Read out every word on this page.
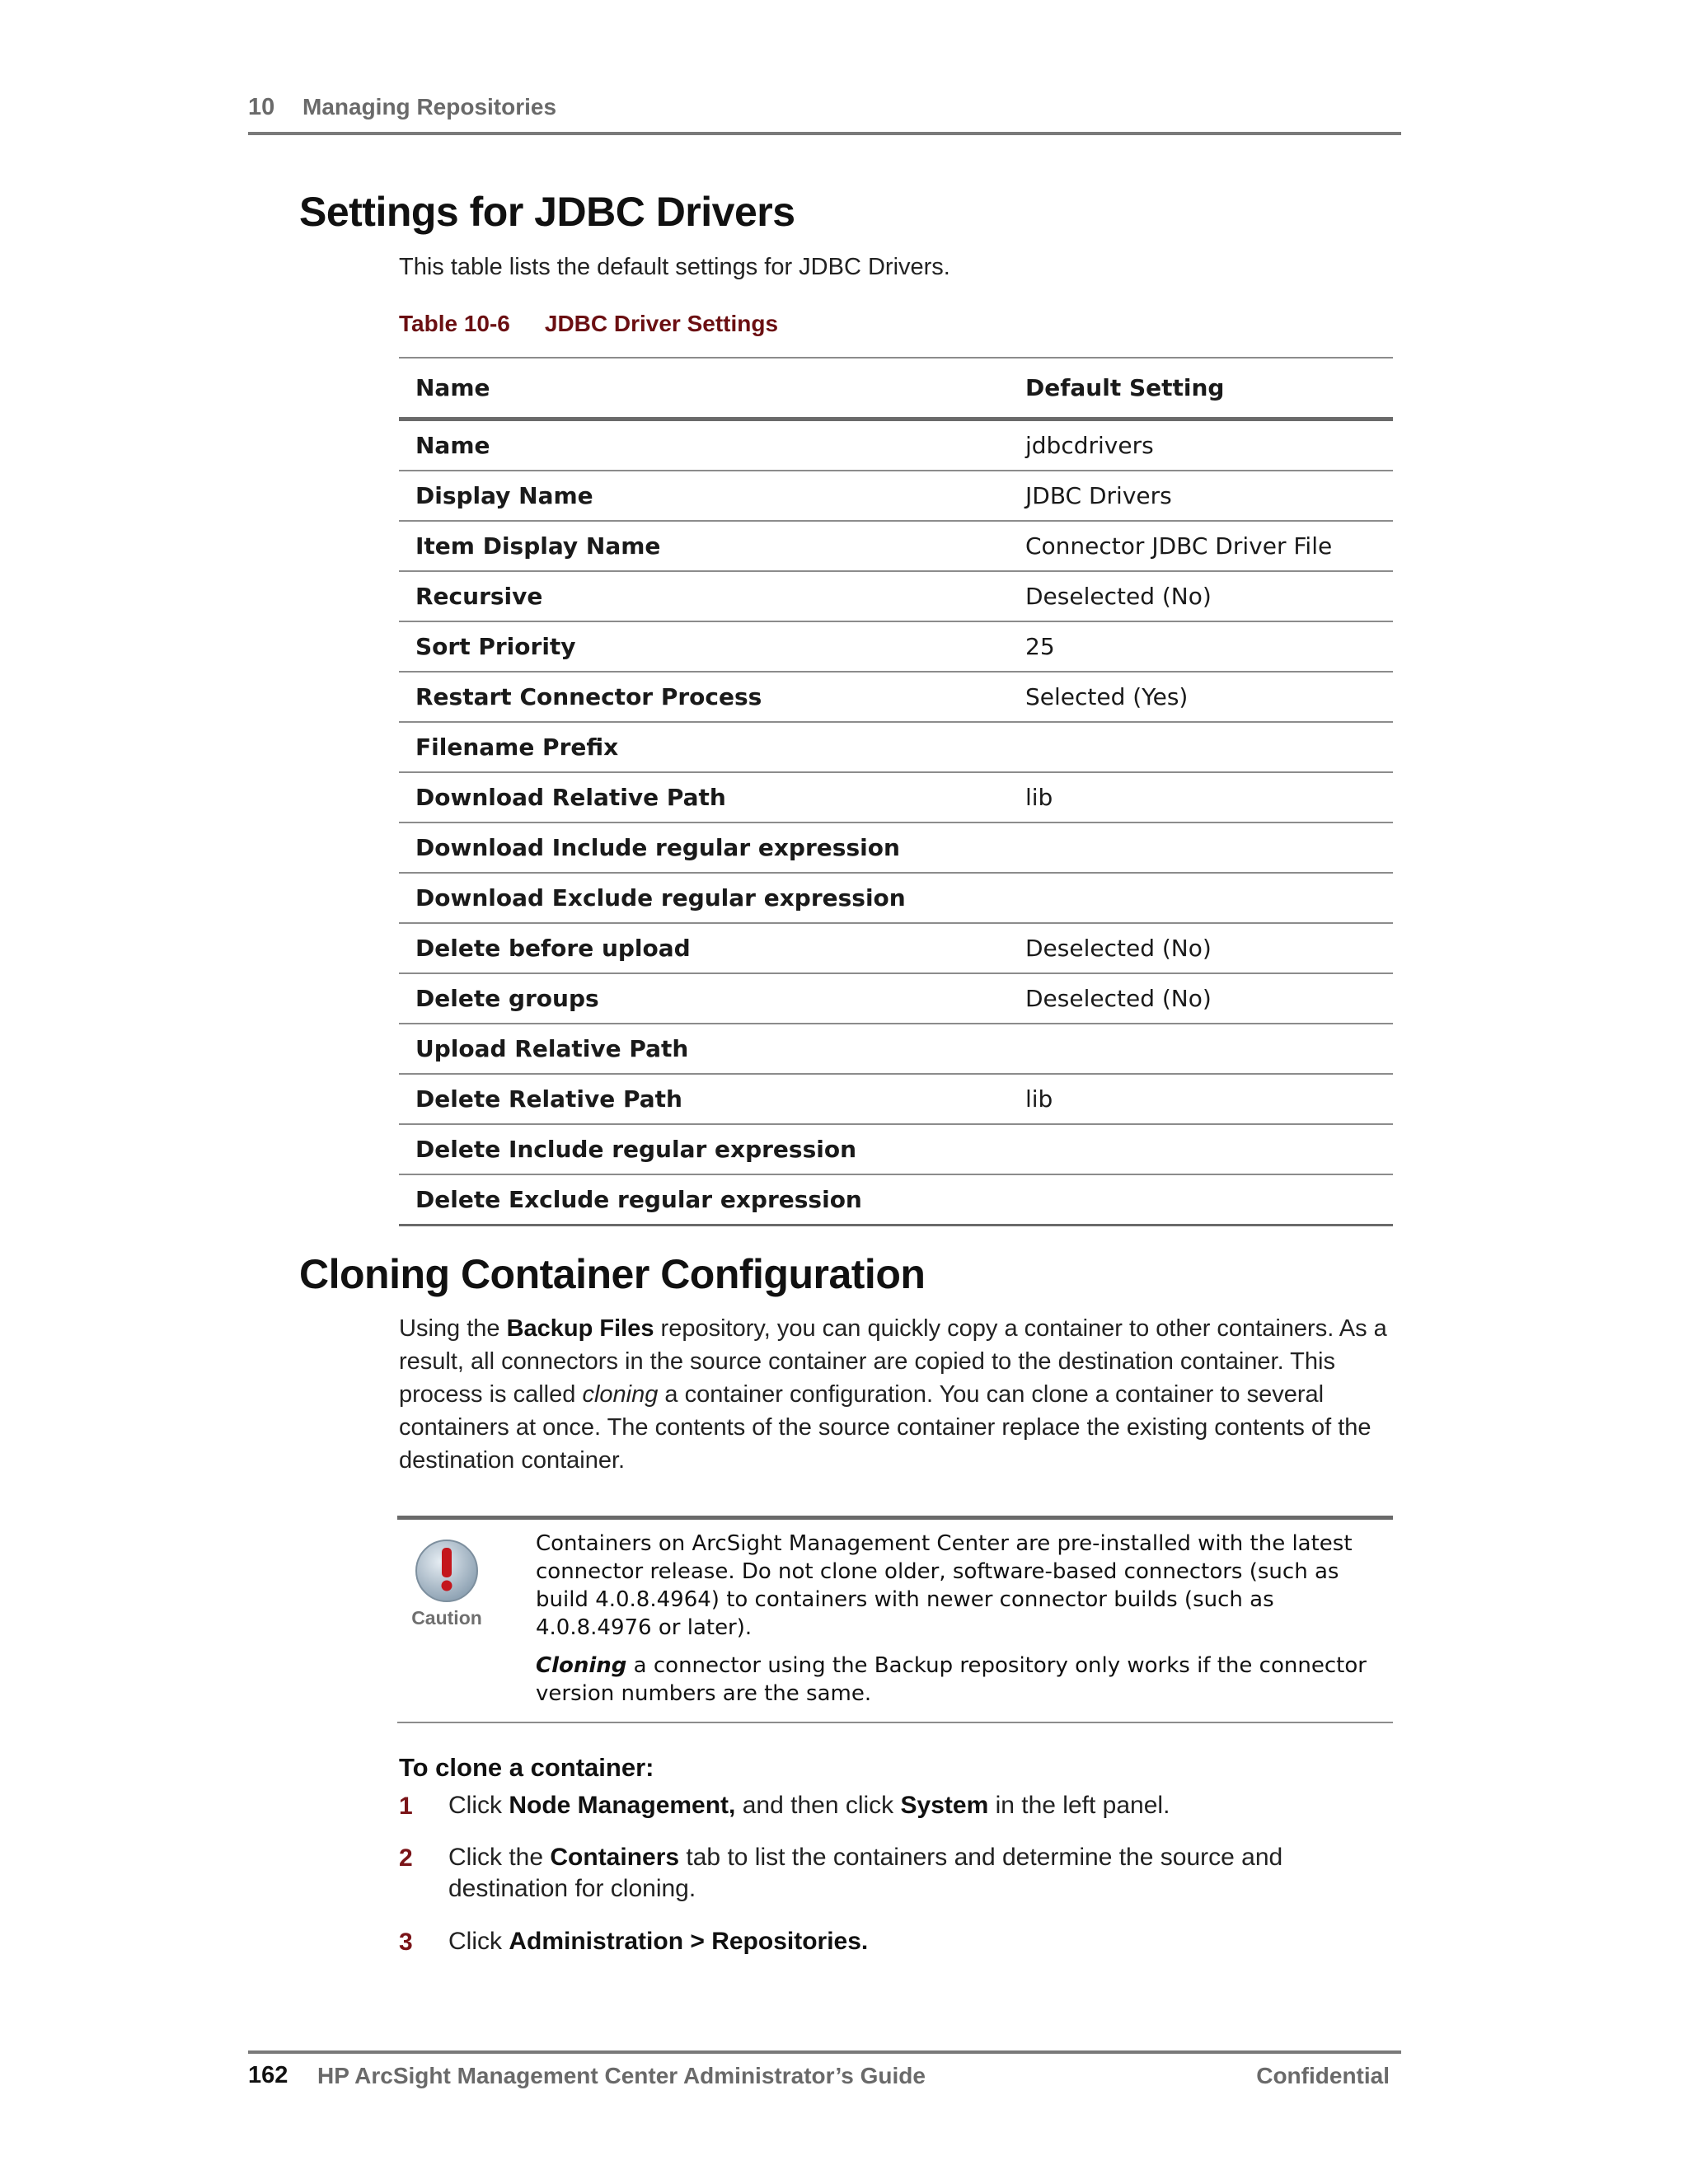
10 Managing Repositories
Settings for JDBC Drivers
This table lists the default settings for JDBC Drivers.
Table 10-6 JDBC Driver Settings
Name	Default Setting
Name	jdbcdrivers
Display Name	JDBC Drivers
Item Display Name	Connector JDBC Driver File
Recursive	Deselected (No)
Sort Priority	25
Restart Connector Process	Selected (Yes)
Filename Prefix	
Download Relative Path	lib
Download Include regular expression	
Download Exclude regular expression	
Delete before upload	Deselected (No)
Delete groups	Deselected (No)
Upload Relative Path	
Delete Relative Path	lib
Delete Include regular expression	
Delete Exclude regular expression	
Cloning Container Configuration
Using the Backup Files repository, you can quickly copy a container to other containers. As a result, all connectors in the source container are copied to the destination container. This process is called cloning a container configuration. You can clone a container to several containers at once. The contents of the source container replace the existing contents of the destination container.
Caution

Containers on ArcSight Management Center are pre-installed with the latest connector release. Do not clone older, software-based connectors (such as build 4.0.8.4964) to containers with newer connector builds (such as 4.0.8.4976 or later).

Cloning a connector using the Backup repository only works if the connector version numbers are the same.

To clone a container:
1 Click Node Management, and then click System in the left panel.
2 Click the Containers tab to list the containers and determine the source and destination for cloning.
3 Click Administration > Repositories.
162 HP ArcSight Management Center Administrator’s Guide	Confidential
